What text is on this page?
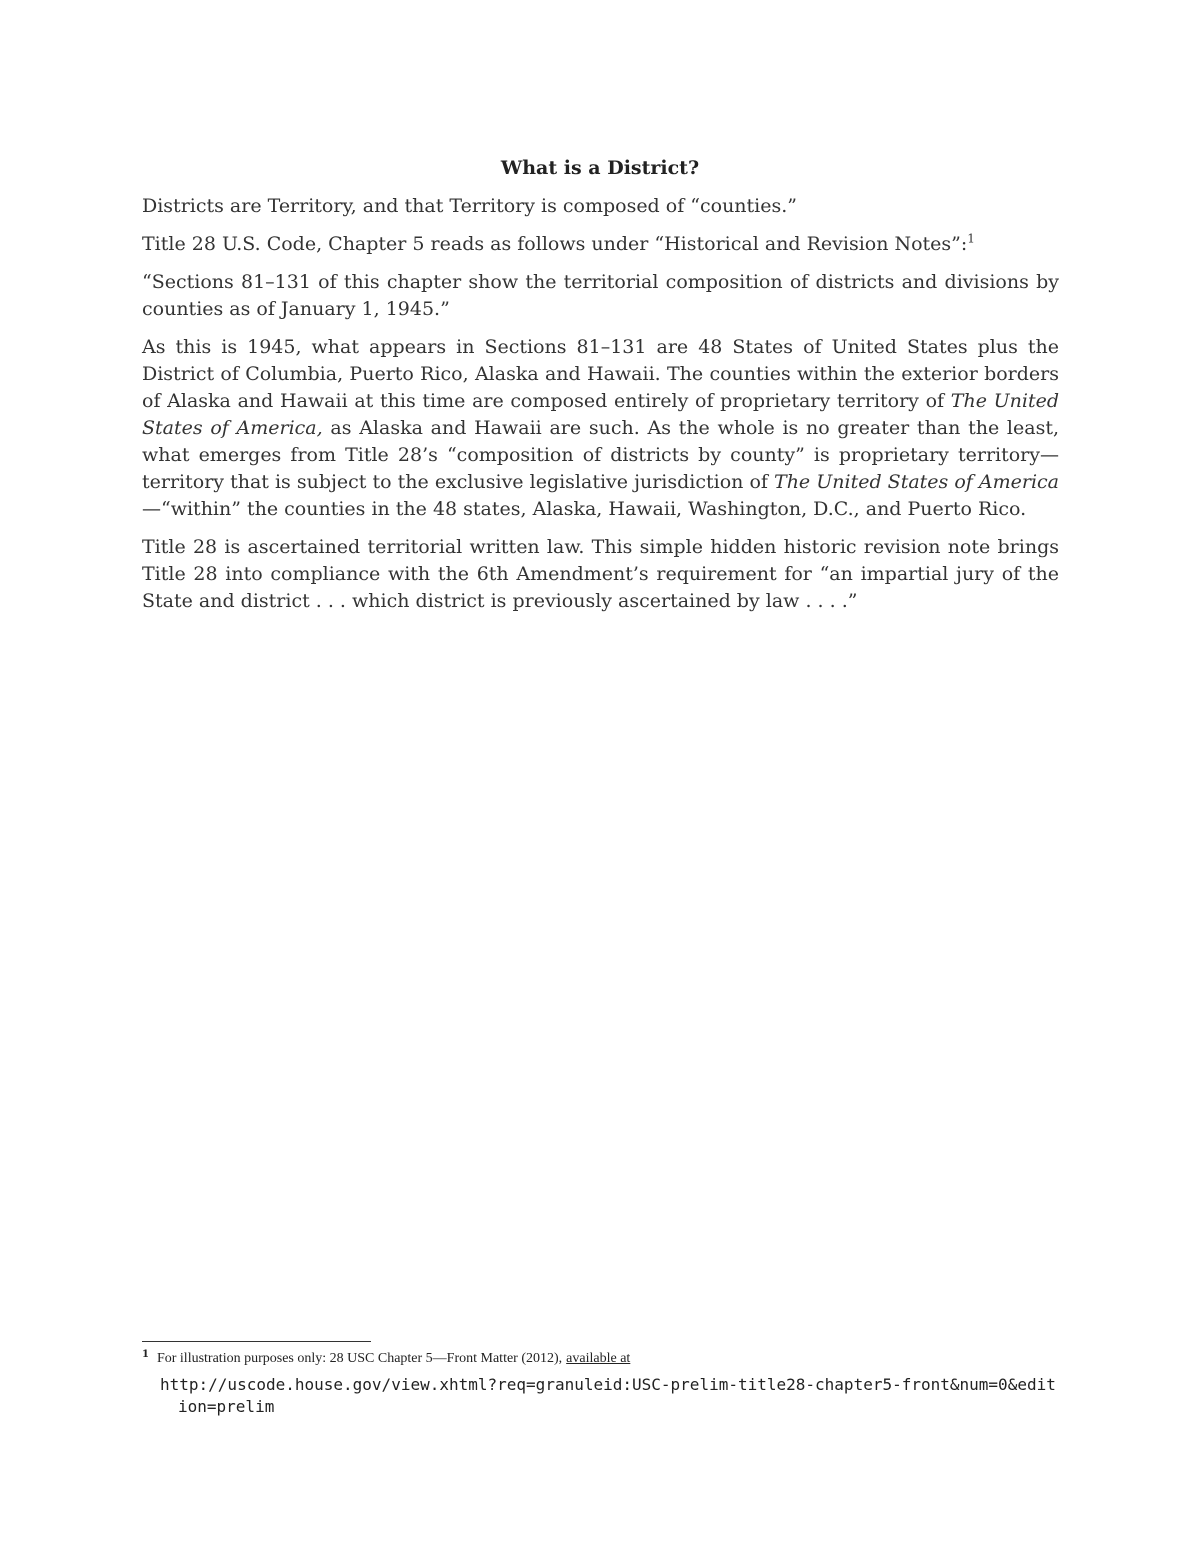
What is a District?

Districts are Territory, and that Territory is composed of “counties.”

Title 28 U.S. Code, Chapter 5 reads as follows under “Historical and Revision Notes”:$^1$

“Sections 81–131 of this chapter show the territorial composition of districts and divisions by counties as of January 1, 1945.”

As this is 1945, what appears in Sections 81–131 are 48 States of United States plus the District of Columbia, Puerto Rico, Alaska and Hawaii. The counties within the exterior borders of Alaska and Hawaii at this time are composed entirely of proprietary territory of The United States of America, as Alaska and Hawaii are such. As the whole is no greater than the least, what emerges from Title 28’s “composition of districts by county” is proprietary territory—territory that is subject to the exclusive legislative jurisdiction of The United States of America—“within” the counties in the 48 states, Alaska, Hawaii, Washington, D.C., and Puerto Rico.

Title 28 is ascertained territorial written law. This simple hidden historic revision note brings Title 28 into compliance with the 6th Amendment’s requirement for “an impartial jury of the State and district . . . which district is previously ascertained by law . . . .”

$^1$ For illustration purposes only: 28 USC Chapter 5—Front Matter (2012), available at
http://uscode.house.gov/view.xhtml?req=granuleid:USC-prelim-title28-chapter5-front&num=0&edition=prelim
